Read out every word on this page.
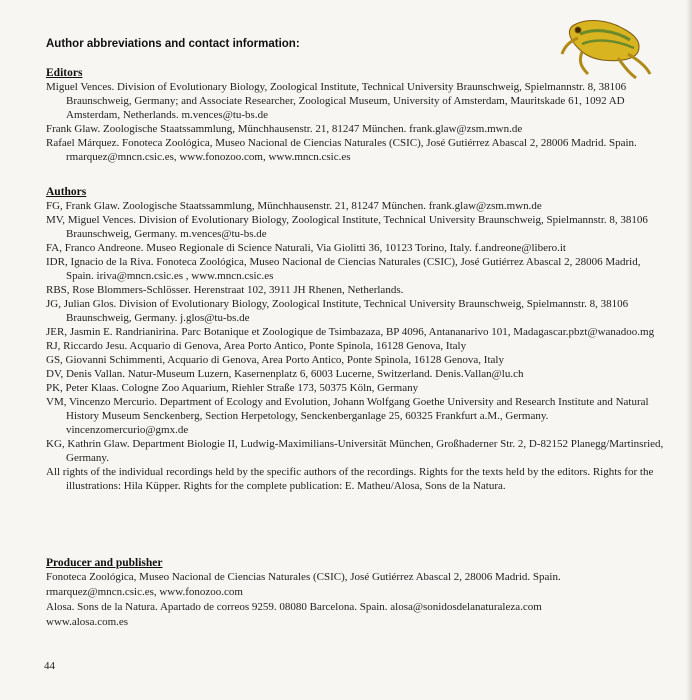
Author abbreviations and contact information:
Editors

Miguel Vences. Division of Evolutionary Biology, Zoological Institute, Technical University Braunschweig, Spielmannstr. 8, 38106 Braunschweig, Germany; and Associate Researcher, Zoological Museum, University of Amsterdam, Mauritskade 61, 1092 AD Amsterdam, Netherlands. m.vences@tu-bs.de

Frank Glaw. Zoologische Staatssammlung, Münchhausenstr. 21, 81247 München. frank.glaw@zsm.mwn.de

Rafael Márquez. Fonoteca Zoológica, Museo Nacional de Ciencias Naturales (CSIC), José Gutiérrez Abascal 2, 28006 Madrid. Spain. rmarquez@mncn.csic.es, www.fonozoo.com, www.mncn.csic.es

Authors

FG, Frank Glaw. Zoologische Staatssammlung, Münchhausenstr. 21, 81247 München. frank.glaw@zsm.mwn.de

MV, Miguel Vences. Division of Evolutionary Biology, Zoological Institute, Technical University Braunschweig, Spielmannstr. 8, 38106 Braunschweig, Germany. m.vences@tu-bs.de

FA, Franco Andreone. Museo Regionale di Science Naturali, Via Giolitti 36, 10123 Torino, Italy. f.andreone@libero.it

IDR, Ignacio de la Riva. Fonoteca Zoológica, Museo Nacional de Ciencias Naturales (CSIC), José Gutiérrez Abascal 2, 28006 Madrid, Spain. iriva@mncn.csic.es , www.mncn.csic.es

RBS, Rose Blommers-Schlösser. Herenstraat 102, 3911 JH Rhenen, Netherlands.

JG, Julian Glos. Division of Evolutionary Biology, Zoological Institute, Technical University Braunschweig, Spielmannstr. 8, 38106 Braunschweig, Germany. j.glos@tu-bs.de

JER, Jasmin E. Randrianirina. Parc Botanique et Zoologique de Tsimbazaza, BP 4096, Antananarivo 101, Madagascar.pbzt@wanadoo.mg

RJ, Riccardo Jesu. Acquario di Genova, Area Porto Antico, Ponte Spinola, 16128 Genova, Italy

GS, Giovanni Schimmenti, Acquario di Genova, Area Porto Antico, Ponte Spinola, 16128 Genova, Italy

DV, Denis Vallan. Natur-Museum Luzern, Kasernenplatz 6, 6003 Lucerne, Switzerland. Denis.Vallan@lu.ch

PK, Peter Klaas. Cologne Zoo Aquarium, Riehler Straße 173, 50375 Köln, Germany

VM, Vincenzo Mercurio. Department of Ecology and Evolution, Johann Wolfgang Goethe University and Research Institute and Natural History Museum Senckenberg, Section Herpetology, Senckenberganlage 25, 60325 Frankfurt a.M., Germany. vincenzomercurio@gmx.de

KG, Kathrin Glaw. Department Biologie II, Ludwig-Maximilians-Universität München, Großhaderner Str. 2, D-82152 Planegg/Martinsried, Germany.

All rights of the individual recordings held by the specific authors of the recordings. Rights for the texts held by the editors. Rights for the illustrations: Hila Küpper. Rights for the complete publication: E. Matheu/Alosa, Sons de la Natura.

Producer and publisher

Fonoteca Zoológica, Museo Nacional de Ciencias Naturales (CSIC), José Gutiérrez Abascal 2, 28006 Madrid. Spain.

rmarquez@mncn.csic.es, www.fonozoo.com

Alosa. Sons de la Natura. Apartado de correos 9259. 08080 Barcelona. Spain. alosa@sonidosdelanaturaleza.com

www.alosa.com.es

44
